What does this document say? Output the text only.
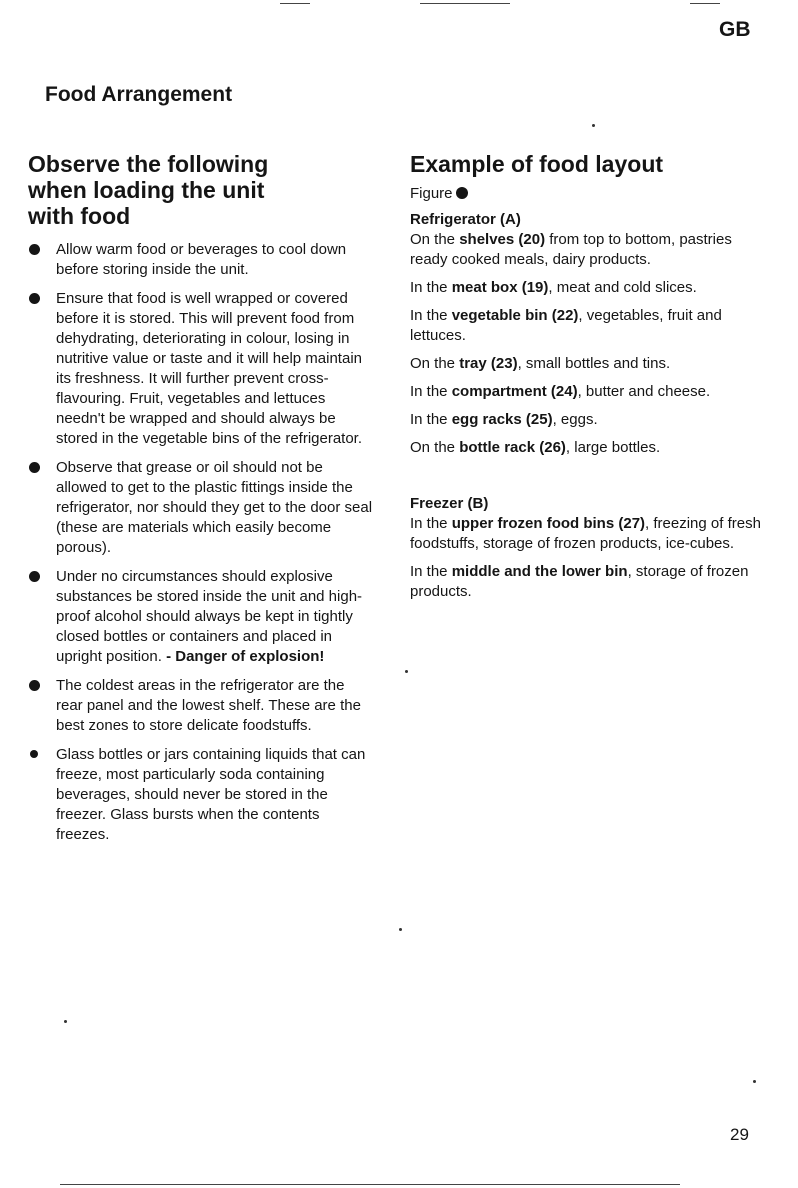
GB
Food Arrangement
Observe the following
when loading the unit
with food
Allow warm food or beverages to cool down before storing inside the unit.
Ensure that food is well wrapped or covered before it is stored. This will prevent food from dehydrating, deteriorating in colour, losing in nutritive value or taste and it will help maintain its freshness. It will further prevent cross-flavouring. Fruit, vegetables and lettuces needn't be wrapped and should always be stored in the vegetable bins of the refrigerator.
Observe that grease or oil should not be allowed to get to the plastic fittings inside the refrigerator, nor should they get to the door seal (these are materials which easily become porous).
Under no circumstances should explosive substances be stored inside the unit and high-proof alcohol should always be kept in tightly closed bottles or containers and placed in upright position. - Danger of explosion!
The coldest areas in the refrigerator are the rear panel and the lowest shelf. These are the best zones to store delicate foodstuffs.
Glass bottles or jars containing liquids that can freeze, most particularly soda containing beverages, should never be stored in the freezer. Glass bursts when the contents freezes.
Example of food layout
Figure
Refrigerator (A)

On the shelves (20) from top to bottom, pastries ready cooked meals, dairy products.

In the meat box (19), meat and cold slices.

In the vegetable bin (22), vegetables, fruit and lettuces.

On the tray (23), small bottles and tins.

In the compartment (24), butter and cheese.

In the egg racks (25), eggs.

On the bottle rack (26), large bottles.

Freezer (B)

In the upper frozen food bins (27), freezing of fresh foodstuffs, storage of frozen products, ice-cubes.

In the middle and the lower bin, storage of frozen products.

29
